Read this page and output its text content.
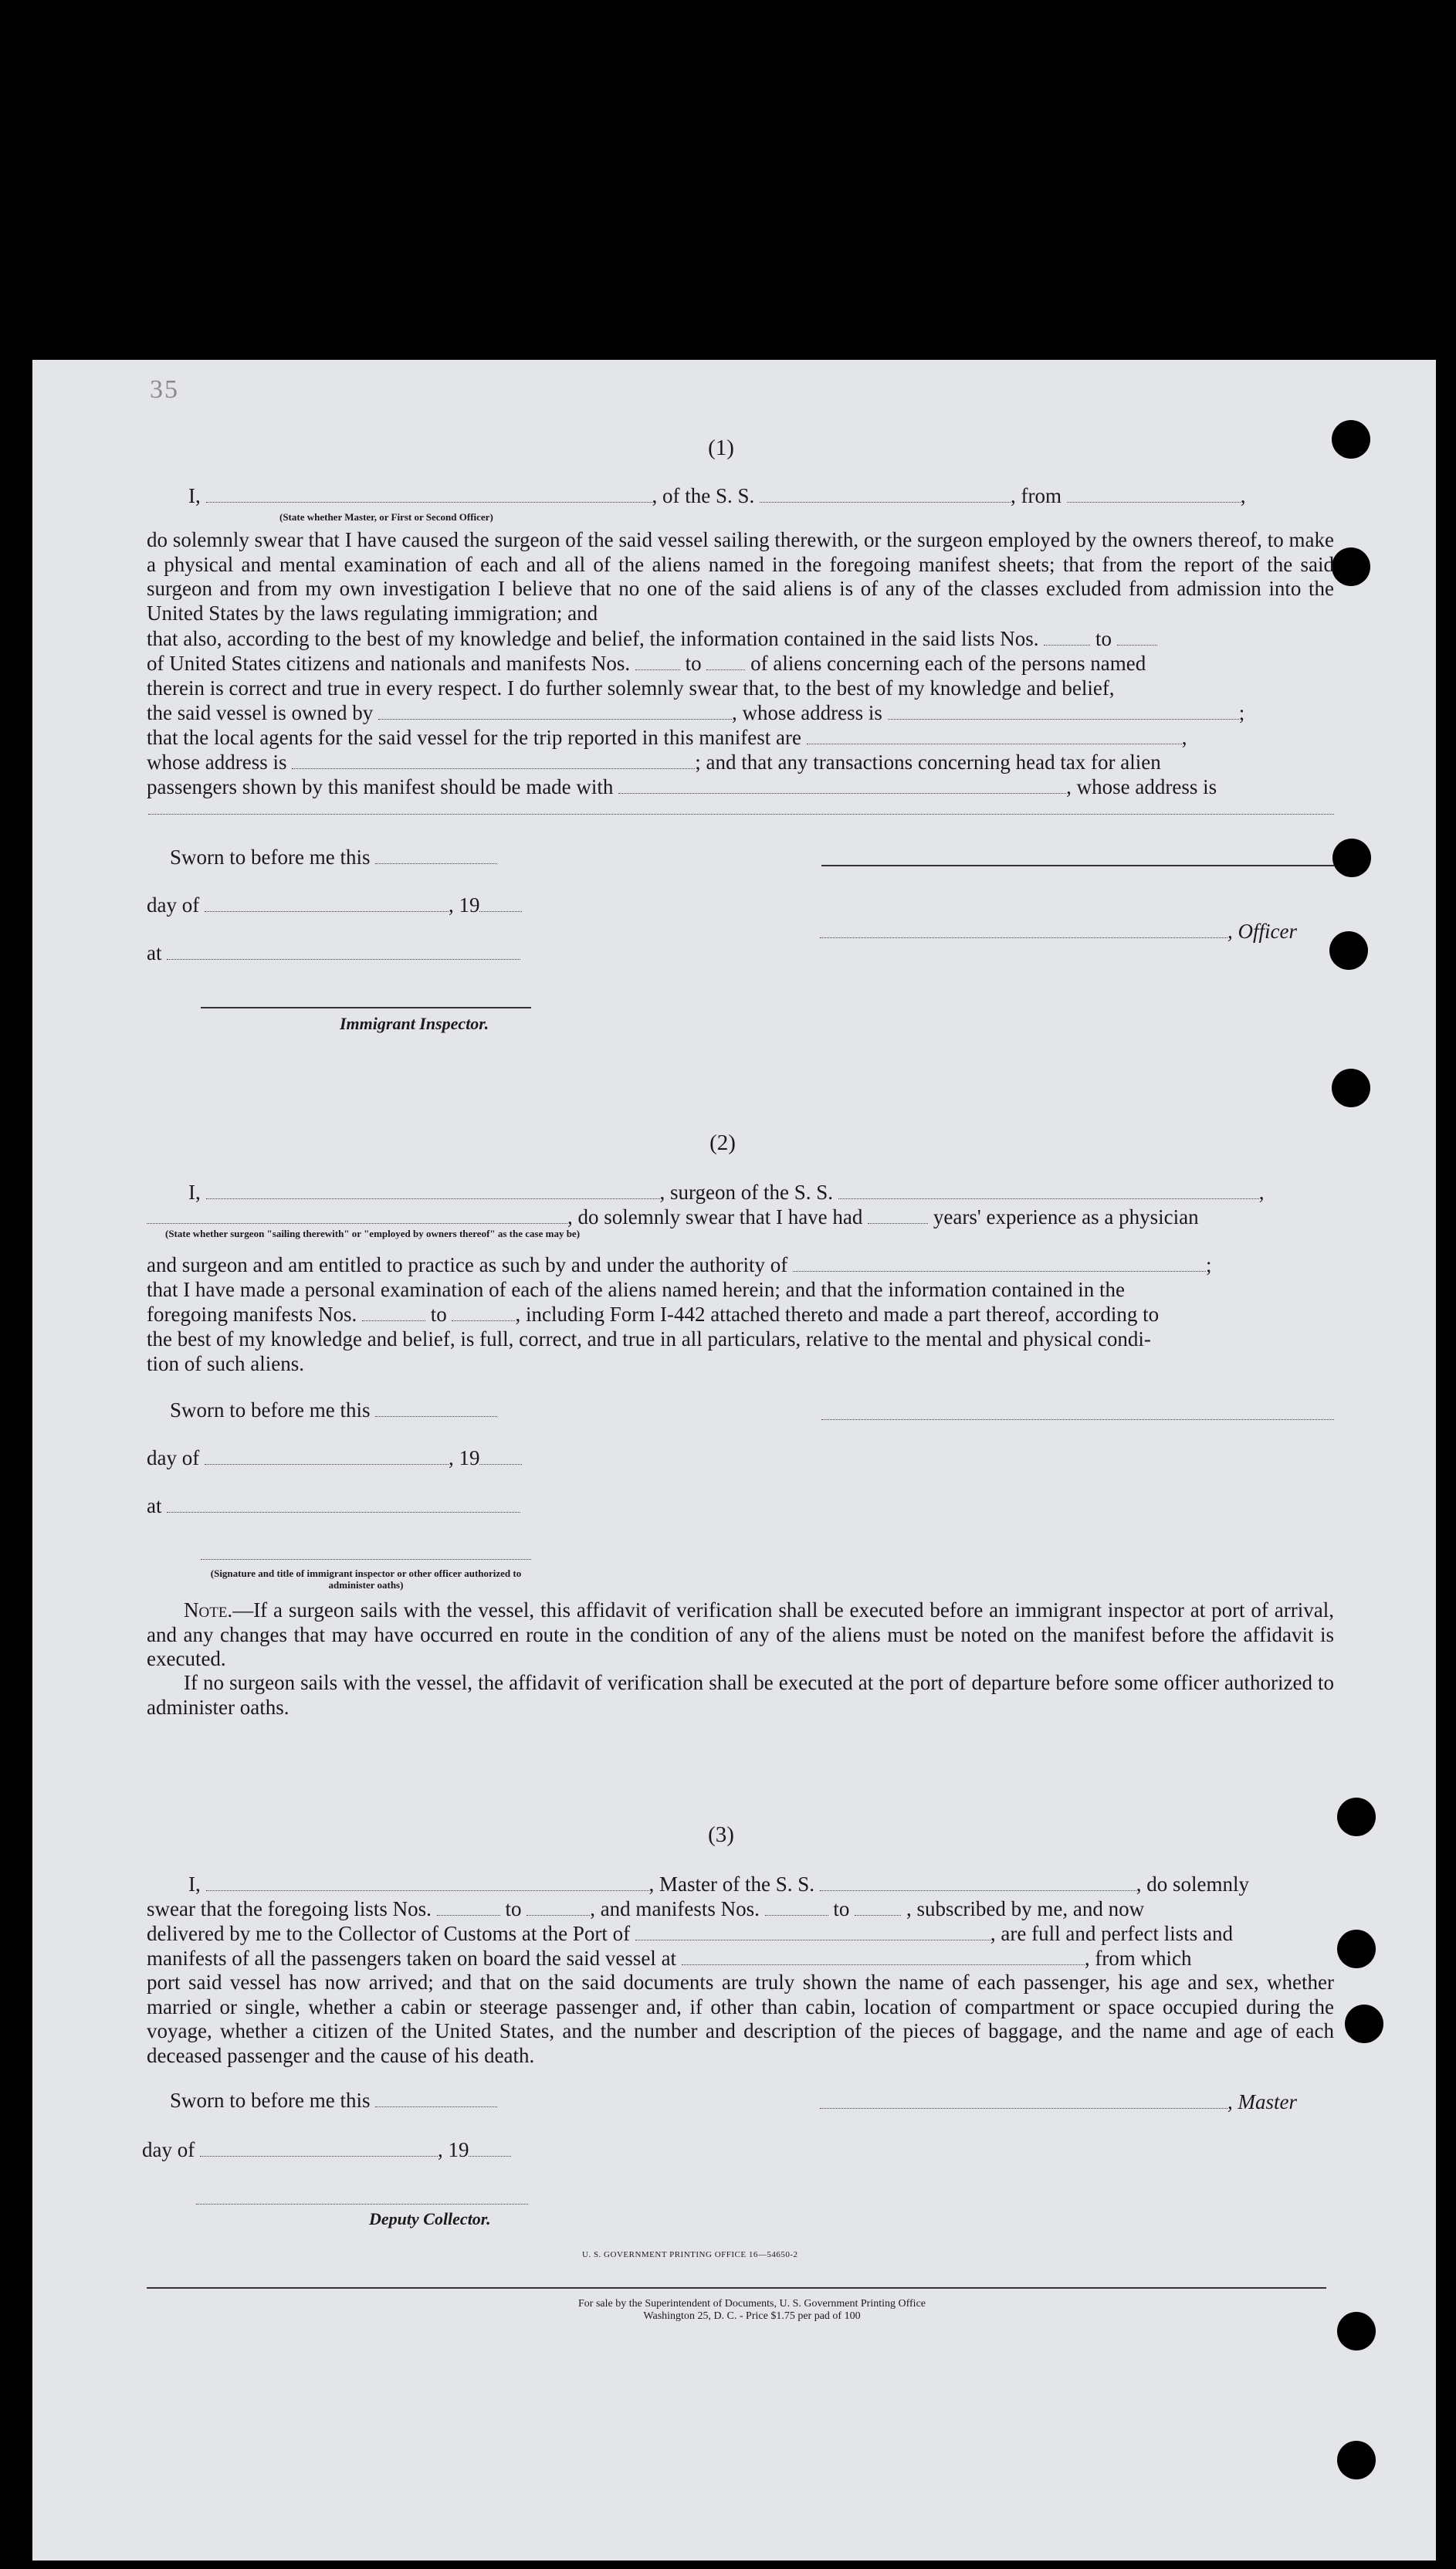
35
(1)
I,	, of the S. S.	, from	,
(State whether Master, or First or Second Officer)
do solemnly swear that I have caused the surgeon of the said vessel sailing therewith, or the surgeon employed by the owners thereof, to make a physical and mental examination of each and all of the aliens named in the foregoing manifest sheets; that from the report of the said surgeon and from my own investigation I believe that no one of the said aliens is of any of the classes excluded from admission into the United States by the laws regulating immigration; and
that also, according to the best of my knowledge and belief, the information contained in the said lists Nos.	to
of United States citizens and nationals and manifests Nos.	to of aliens concerning each of the persons named
therein is correct and true in every respect. I do further solemnly swear that, to the best of my knowledge and belief,
the said vessel is owned by	, whose address is	;
that the local agents for the said vessel for the trip reported in this manifest are	,
whose address is	; and that any transactions concerning head tax for alien
passengers shown by this manifest should be made with	, whose address is
Sworn to before me this
day of	, 19
, Officer
at
Immigrant Inspector.
(2)
I,	, surgeon of the S. S.	,
, do solemnly swear that I have had	years' experience as a physician
(State whether surgeon "sailing therewith" or "employed by owners thereof" as the case may be)
and surgeon and am entitled to practice as such by and under the authority of	;
that I have made a personal examination of each of the aliens named herein; and that the information contained in the
foregoing manifests Nos.	to	, including Form I-442 attached thereto and made a part thereof, according to
the best of my knowledge and belief, is full, correct, and true in all particulars, relative to the mental and physical condi-
tion of such aliens.
Sworn to before me this
day of	, 19
at
(Signature and title of immigrant inspector or other officer authorized to administer oaths)
Note.—If a surgeon sails with the vessel, this affidavit of verification shall be executed before an immigrant inspector at port of arrival, and any changes that may have occurred en route in the condition of any of the aliens must be noted on the manifest before the affidavit is executed.
If no surgeon sails with the vessel, the affidavit of verification shall be executed at the port of departure before some officer authorized to administer oaths.
(3)
I,	, Master of the S. S.	, do solemnly
swear that the foregoing lists Nos.	to	, and manifests Nos.	to	, subscribed by me, and now
delivered by me to the Collector of Customs at the Port of	, are full and perfect lists and
manifests of all the passengers taken on board the said vessel at	, from which
port said vessel has now arrived; and that on the said documents are truly shown the name of each passenger, his age and sex, whether married or single, whether a cabin or steerage passenger and, if other than cabin, location of compartment or space occupied during the voyage, whether a citizen of the United States, and the number and description of the pieces of baggage, and the name and age of each deceased passenger and the cause of his death.
Sworn to before me this	, Master
day of	, 19
Deputy Collector.
U. S. GOVERNMENT PRINTING OFFICE 16—54650-2
For sale by the Superintendent of Documents, U. S. Government Printing Office
Washington 25, D. C. - Price $1.75 per pad of 100
